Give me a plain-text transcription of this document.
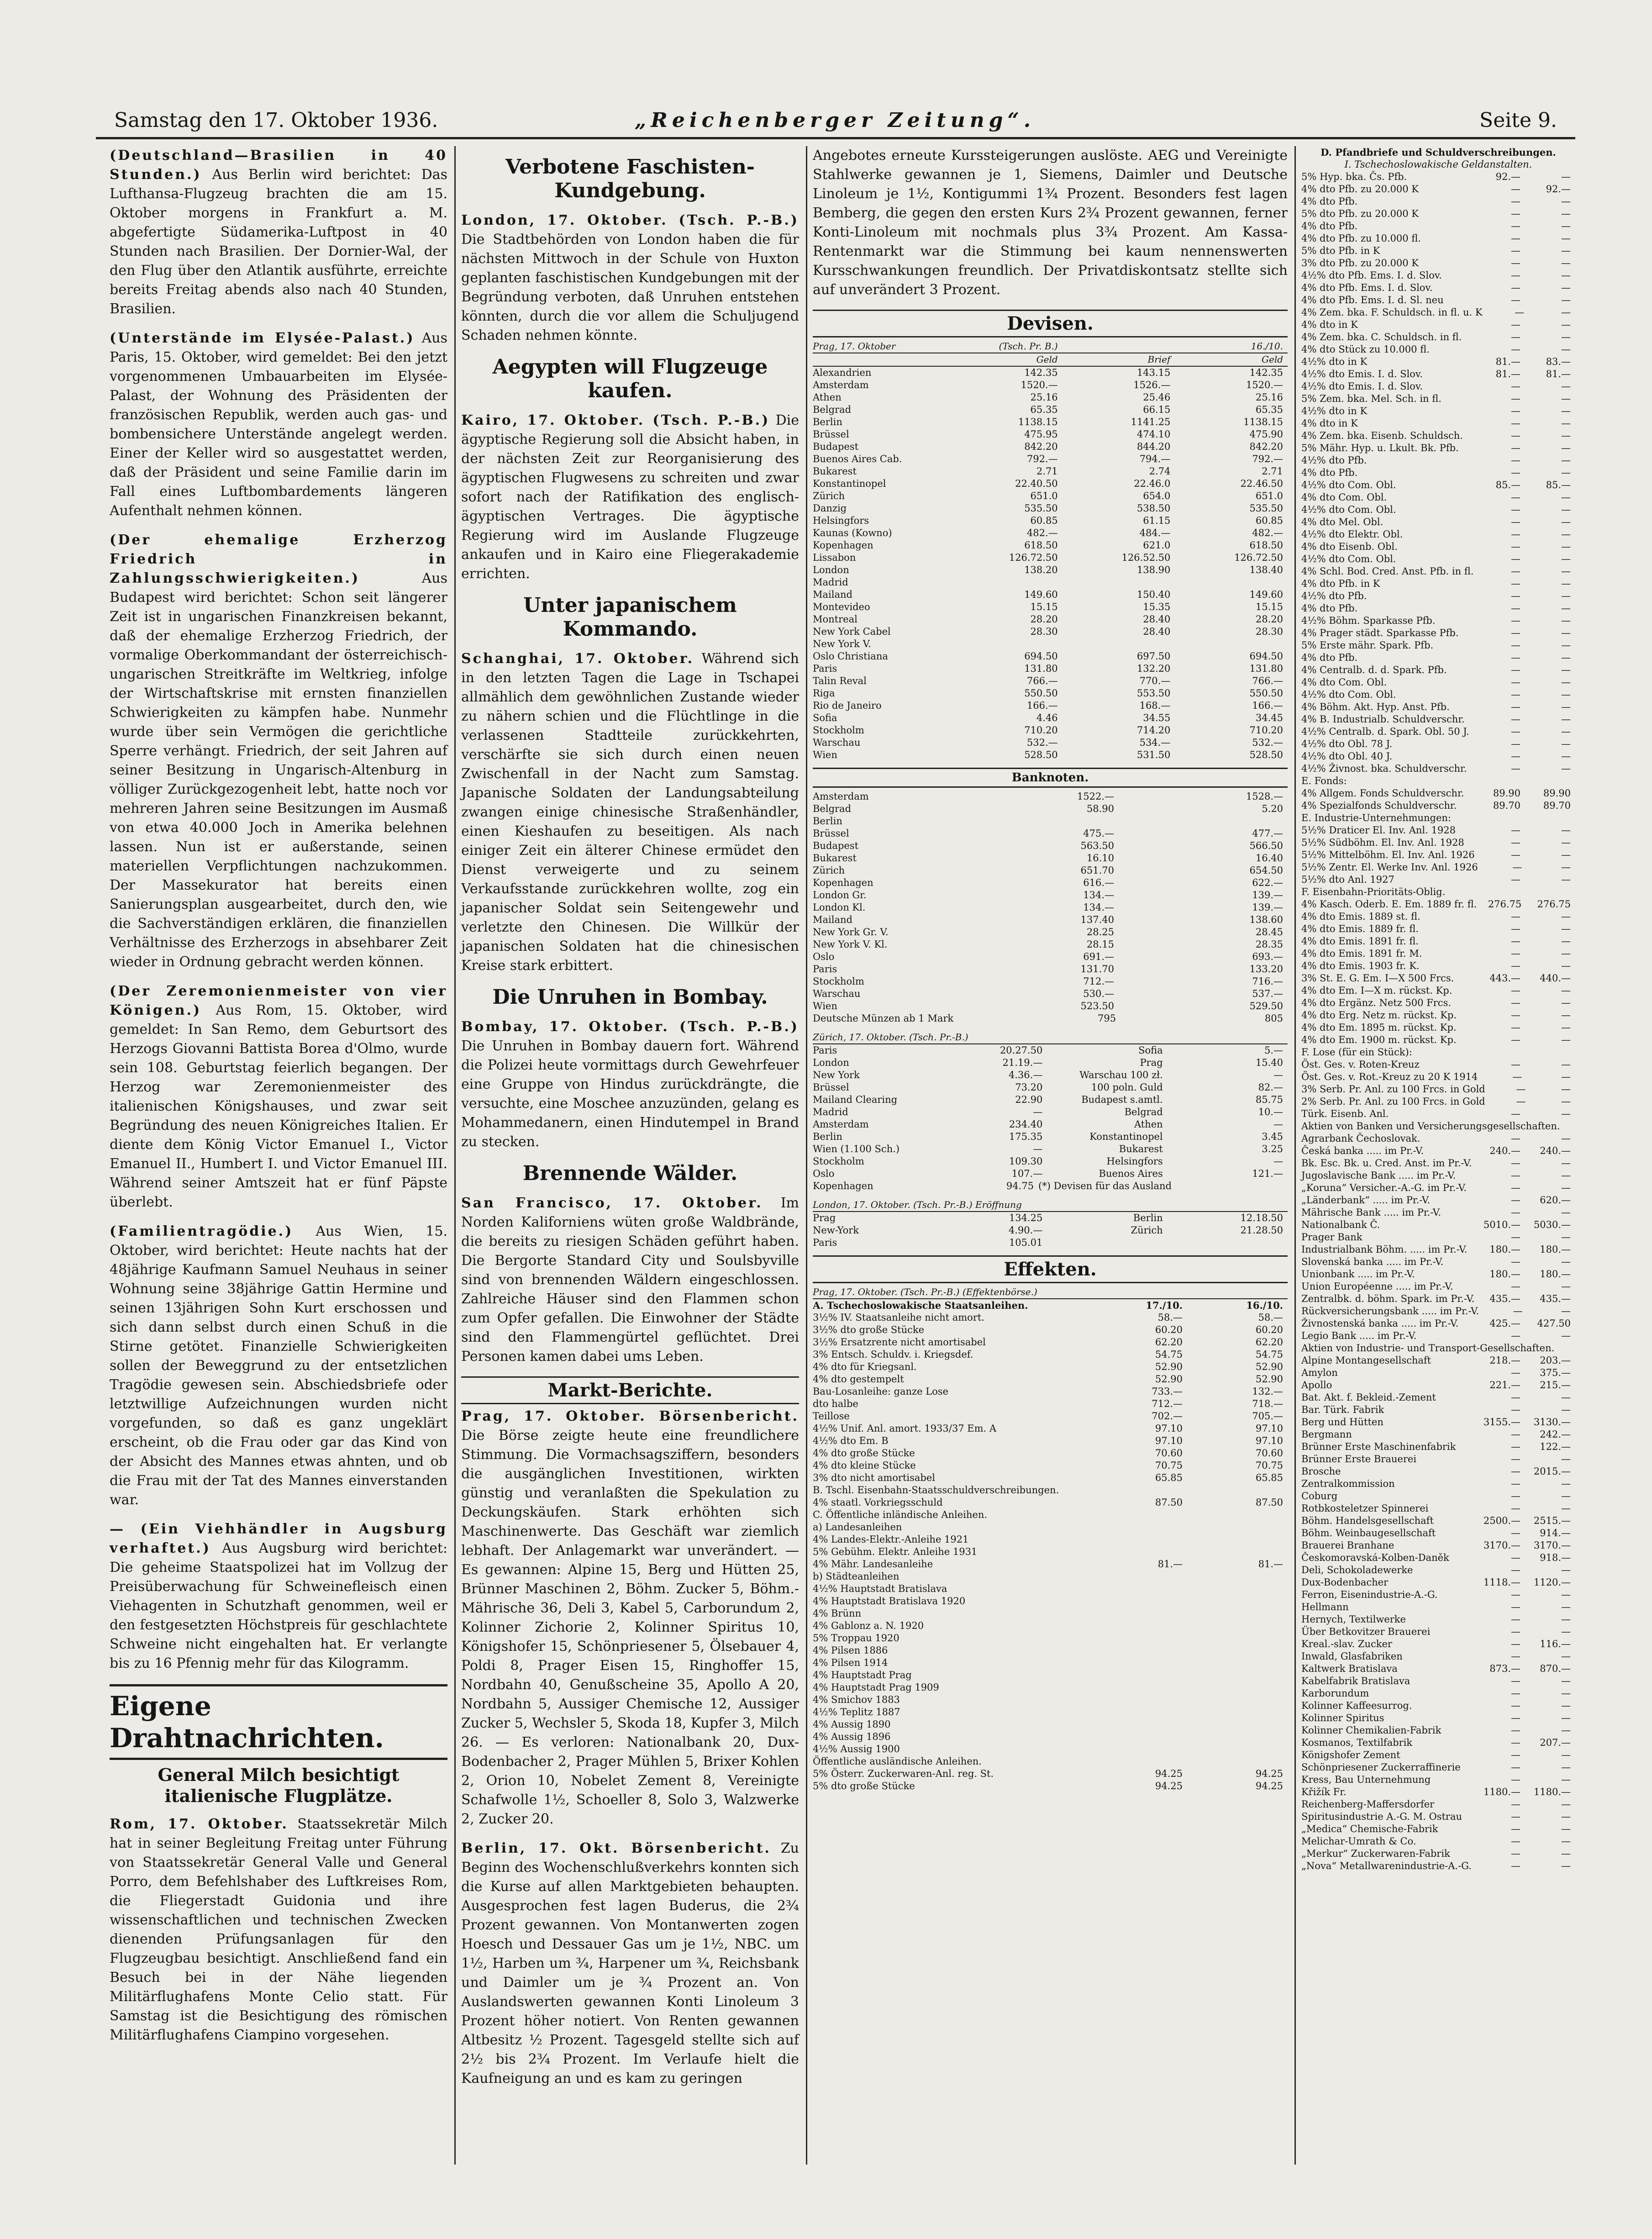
Samstag den 17. Oktober 1936.	„Reichenberger Zeitung“.	Seite 9.

(Deutschland—Brasilien in 40 Stunden.) Aus Berlin wird berichtet: Das Lufthansa-Flugzeug brachten die am 15. Oktober morgens in Frankfurt a. M. abgefertigte Südamerika-Luftpost in 40 Stunden nach Brasilien. Der Dornier-Wal, der den Flug über den Atlantik ausführte, erreichte bereits Freitag abends also nach 40 Stunden, Brasilien.

(Unterstände im Elysée-Palast.) Aus Paris, 15. Oktober, wird gemeldet: Bei den jetzt vorgenommenen Umbauarbeiten im Elysée-Palast, der Wohnung des Präsidenten der französischen Republik, werden auch gas- und bombensichere Unterstände angelegt werden. Einer der Keller wird so ausgestattet werden, daß der Präsident und seine Familie darin im Fall eines Luftbombardements längeren Aufenthalt nehmen können.

(Der ehemalige Erzherzog Friedrich in Zahlungsschwierigkeiten.)	Aus Budapest wird berichtet: Schon seit längerer Zeit ist in ungarischen Finanzkreisen bekannt, daß der ehemalige Erzherzog Friedrich, der vormalige Oberkommandant der österreichisch-ungarischen Streitkräfte im Weltkrieg, infolge der Wirtschaftskrise mit ernsten finanziellen Schwierigkeiten zu kämpfen habe. Nunmehr wurde über sein Vermögen die gerichtliche Sperre verhängt. Friedrich, der seit Jahren auf seiner Besitzung in Ungarisch-Altenburg in völliger Zurückgezogenheit lebt, hatte noch vor mehreren Jahren seine Besitzungen im Ausmaß von etwa 40.000 Joch in Amerika belehnen lassen. Nun ist er außerstande, seinen materiellen Verpflichtungen nachzukommen. Der Massekurator hat bereits einen Sanierungsplan ausgearbeitet, durch den, wie die Sachverständigen erklären, die finanziellen Verhältnisse des Erzherzogs in absehbarer Zeit wieder in Ordnung gebracht werden können.

(Der Zeremonienmeister von vier Königen.) Aus Rom, 15. Oktober, wird gemeldet: In San Remo, dem Geburtsort des Herzogs Giovanni Battista Borea d'Olmo, wurde sein 108. Geburtstag feierlich begangen. Der Herzog war Zeremonienmeister des italienischen Königshauses, und zwar seit Begründung des neuen Königreiches Italien. Er diente dem König Victor Emanuel I., Victor Emanuel II., Humbert I. und Victor Emanuel III. Während seiner Amtszeit hat er fünf Päpste überlebt.

(Familientragödie.) Aus Wien, 15. Oktober, wird berichtet: Heute nachts hat der 48jährige Kaufmann Samuel Neuhaus in seiner Wohnung seine 38jährige Gattin Hermine und seinen 13jährigen Sohn Kurt erschossen und sich dann selbst durch einen Schuß in die Stirne getötet. Finanzielle Schwierigkeiten sollen der Beweggrund zu der entsetzlichen Tragödie gewesen sein. Abschiedsbriefe oder letztwillige Aufzeichnungen wurden nicht vorgefunden, so daß es ganz ungeklärt erscheint, ob die Frau oder gar das Kind von der Absicht des Mannes etwas ahnten, und ob die Frau mit der Tat des Mannes einverstanden war.

— (Ein Viehhändler in Augsburg verhaftet.) Aus Augsburg wird berichtet: Die geheime Staatspolizei hat im Vollzug der Preisüberwachung für Schweinefleisch einen Viehagenten in Schutzhaft genommen, weil er den festgesetzten Höchstpreis für geschlachtete Schweine nicht eingehalten hat. Er verlangte bis zu 16 Pfennig mehr für das Kilogramm.

Eigene Drahtnachrichten.
General Milch besichtigt italienische Flugplätze.

Rom, 17. Oktober. Staatssekretär Milch hat in seiner Begleitung Freitag unter Führung von Staatssekretär General Valle und General Porro, dem Befehlshaber des Luftkreises Rom, die Fliegerstadt Guidonia und ihre wissenschaftlichen und technischen Zwecken dienenden Prüfungsanlagen für den Flugzeugbau besichtigt. Anschließend fand ein Besuch bei in der Nähe liegenden Militärflughafens Monte Celio statt. Für Samstag ist die Besichtigung des römischen Militärflughafens Ciampino vorgesehen.

Verbotene Faschisten-Kundgebung.

London, 17. Oktober. (Tsch. P.-B.) Die Stadtbehörden von London haben die für nächsten Mittwoch in der Schule von Huxton geplanten faschistischen Kundgebungen mit der Begründung verboten, daß Unruhen entstehen könnten, durch die vor allem die Schuljugend Schaden nehmen könnte.

Aegypten will Flugzeuge kaufen.

Kairo, 17. Oktober. (Tsch. P.-B.) Die ägyptische Regierung soll die Absicht haben, in der nächsten Zeit zur Reorganisierung des ägyptischen Flugwesens zu schreiten und zwar sofort nach der Ratifikation des englisch-ägyptischen Vertrages. Die ägyptische Regierung wird im Auslande Flugzeuge ankaufen und in Kairo eine Fliegerakademie errichten.

Unter japanischem Kommando.

Schanghai, 17. Oktober. Während sich in den letzten Tagen die Lage in Tschapei allmählich dem gewöhnlichen Zustande wieder zu nähern schien und die Flüchtlinge in die verlassenen Stadtteile zurückkehrten, verschärfte sie sich durch einen neuen Zwischenfall in der Nacht zum Samstag. Japanische Soldaten der Landungsabteilung zwangen einige chinesische Straßenhändler, einen Kieshaufen zu beseitigen. Als nach einiger Zeit ein älterer Chinese ermüdet den Dienst verweigerte und zu seinem Verkaufsstande zurückkehren wollte, zog ein japanischer Soldat sein Seitengewehr und verletzte den Chinesen. Die Willkür der japanischen Soldaten hat die chinesischen Kreise stark erbittert.

Die Unruhen in Bombay.

Bombay, 17. Oktober. (Tsch. P.-B.) Die Unruhen in Bombay dauern fort. Während die Polizei heute vormittags durch Gewehrfeuer eine Gruppe von Hindus zurückdrängte, die versuchte, eine Moschee anzuzünden, gelang es Mohammedanern, einen Hindutempel in Brand zu stecken.

Brennende Wälder.

San Francisco, 17. Oktober. Im Norden Kaliforniens wüten große Waldbrände, die bereits zu riesigen Schäden geführt haben. Die Bergorte Standard City und Soulsbyville sind von brennenden Wäldern eingeschlossen. Zahlreiche Häuser sind den Flammen schon zum Opfer gefallen. Die Einwohner der Städte sind den Flammengürtel geflüchtet. Drei Personen kamen dabei ums Leben.

Markt-Berichte.

Prag, 17. Oktober. Börsenbericht. Die Börse zeigte heute eine freundlichere Stimmung. Die Vormachsagsziffern, besonders die ausgänglichen Investitionen, wirkten günstig und veranlaßten die Spekulation zu Deckungskäufen. Stark erhöhten sich Maschinenwerte. Das Geschäft war ziemlich lebhaft. Der Anlagemarkt war unverändert. — Es gewannen: Alpine 15, Berg und Hütten 25, Brünner Maschinen 2, Böhm. Zucker 5, Böhm.-Mährische 36, Deli 3, Kabel 5, Carborundum 2, Kolinner Zichorie 2, Kolinner Spiritus 10, Königshofer 15, Schönpriesener 5, Ölsebauer 4, Poldi 8, Prager Eisen 15, Ringhoffer 15, Nordbahn 40, Genußscheine 35, Apollo A 20, Nordbahn 5, Aussiger Chemische 12, Aussiger Zucker 5, Wechsler 5, Skoda 18, Kupfer 3, Milch 26. — Es verloren: Nationalbank 20, Dux-Bodenbacher 2, Prager Mühlen 5, Brixer Kohlen 2, Orion 10, Nobelet Zement 8, Vereinigte Schafwolle 1½, Schoeller 8, Solo 3, Walzwerke 2, Zucker 20.

Berlin, 17. Okt. Börsenbericht. Zu Beginn des Wochenschlußverkehrs konnten sich die Kurse auf allen Marktgebieten behaupten. Ausgesprochen fest lagen Buderus, die 2¾ Prozent gewannen. Von Montanwerten zogen Hoesch und Dessauer Gas um je 1½, NBC. um 1½, Harben um ¾, Harpener um ¾, Reichsbank und Daimler um je ¾ Prozent an. Von Auslandswerten gewannen Konti Linoleum 3 Prozent höher notiert. Von Renten gewannen Altbesitz ½ Prozent. Tagesgeld stellte sich auf 2½ bis 2¾ Prozent. Im Verlaufe hielt die Kaufneigung an und es kam zu geringen

Angebotes erneute Kurssteigerungen auslöste. AEG und Vereinigte Stahlwerke gewannen je 1, Siemens, Daimler und Deutsche Linoleum je 1½, Kontigummi 1¾ Prozent. Besonders fest lagen Bemberg, die gegen den ersten Kurs 2¾ Prozent gewannen, ferner Konti-Linoleum mit nochmals plus 3¾ Prozent. Am Kassa-Rentenmarkt war die Stimmung bei kaum nennenswerten Kursschwankungen freundlich. Der Privatdiskontsatz stellte sich auf unverändert 3 Prozent.

Devisen.
Prag, 17. Oktober	(Tsch. Pr. B.)	16./10.
Geld	Brief	Geld
Alexandrien	142.35	143.15	142.35
Amsterdam	1520.—	1526.—	1520.—
Athen	25.16	25.46	25.16
Belgrad	65.35	66.15	65.35
Berlin	1138.15	1141.25	1138.15
Brüssel	475.95	474.10	475.90
Budapest	842.20	844.20	842.20
Buenos Aires Cab.	792.—	794.—	792.—
Bukarest	2.71	2.74	2.71
Konstantinopel	22.40.50	22.46.0	22.46.50
Zürich	651.0	654.0	651.0
Danzig	535.50	538.50	535.50
Helsingfors	60.85	61.15	60.85
Kaunas (Kowno)	482.—	484.—	482.—
Kopenhagen	618.50	621.0	618.50
Lissabon	126.72.50	126.52.50	126.72.50
London	138.20	138.90	138.40
Madrid
Mailand	149.60	150.40	149.60
Montevideo	15.15	15.35	15.15
Montreal	28.20	28.40	28.20
New York Cabel	28.30	28.40	28.30
New York V.
Oslo Christiana	694.50	697.50	694.50
Paris	131.80	132.20	131.80
Talin Reval	766.—	770.—	766.—
Riga	550.50	553.50	550.50
Rio de Janeiro	166.—	168.—	166.—
Sofia	4.46	34.55	34.45
Stockholm	710.20	714.20	710.20
Warschau	532.—	534.—	532.—
Wien	528.50	531.50	528.50
Banknoten.
Amsterdam	1522.—	1528.—
Belgrad	58.90	5.20
Berlin
Brüssel	475.—	477.—
Budapest	563.50	566.50
Bukarest	16.10	16.40
Zürich	651.70	654.50
Kopenhagen	616.—	622.—
London Gr.	134.—	139.—
London Kl.	134.—	139.—
Mailand	137.40	138.60
New York Gr. V.	28.25	28.45
New York V. Kl.	28.15	28.35
Oslo	691.—	693.—
Paris	131.70	133.20
Stockholm	712.—	716.—
Warschau	530.—	537.—
Wien	523.50	529.50
Deutsche Münzen ab 1 Mark	795	805
Zürich, 17. Oktober. (Tsch. Pr.-B.)
Paris	20.27.50	Sofia	5.—
London	21.19.—	Prag	15.40
New York	4.36.—	Warschau 100 zł.	—
Brüssel	73.20	100 poln. Guld	82.—
Mailand Clearing	22.90	Budapest s.amtl.	85.75
Madrid	—	Belgrad	10.—
Amsterdam	234.40	Athen	—
Berlin	175.35	Konstantinopel	3.45
Wien (1.100 Sch.)	—	Bukarest	3.25
Stockholm	109.30	Helsingfors	—
Oslo	107.—	Buenos Aires	121.—
Kopenhagen	94.75 (*) Devisen für das Ausland
London, 17. Oktober. (Tsch. Pr.-B.) Eröffnung
Prag	134.25	Berlin	12.18.50
New-York	4.90.—	Zürich	21.28.50
Paris	105.01
Effekten.
Prag, 17. Oktober. (Tsch. Pr.-B.) (Effektenbörse.)
A. Tschechoslowakische Staatsanleihen.	17./10.	16./10.
3½% IV. Staatsanleihe nicht amort.	58.—	58.—
3½% dto große Stücke	60.20	60.20
3½% Ersatzrente nicht amortisabel	62.20	62.20
3% Entsch. Schuldv. i. Kriegsdef.	54.75	54.75
4% dto für Kriegsanl.	52.90	52.90
4% dto gestempelt	52.90	52.90
Bau-Losanleihe: ganze Lose	733.—	132.—
dto halbe	712.—	718.—
Teillose	702.—	705.—
4½% Unif. Anl. amort. 1933/37 Em. A	97.10	97.10
4½% dto Em. B	97.10	97.10
4% dto große Stücke	70.60	70.60
4% dto kleine Stücke	70.75	70.75
3% dto nicht amortisabel	65.85	65.85
B. Tschl. Eisenbahn-Staatsschuldverschreibungen.
4% staatl. Vorkriegsschuld	87.50	87.50
C. Öffentliche inländische Anleihen.
a) Landesanleihen
4% Landes-Elektr.-Anleihe 1921
5% Gebühm. Elektr. Anleihe 1931
4% Mähr. Landesanleihe	81.—	81.—
b) Städteanleihen
4½% Hauptstadt Bratislava
4% Hauptstadt Bratislava 1920
4% Brünn
4% Gablonz a. N. 1920
5% Troppau 1920
4% Pilsen 1886
4% Pilsen 1914
4% Hauptstadt Prag
4% Hauptstadt Prag 1909
4% Smichov 1883
4½% Teplitz 1887
4% Aussig 1890
4% Aussig 1896
4½% Aussig 1900
Öffentliche ausländische Anleihen.
5% Österr. Zuckerwaren-Anl. reg. St.	94.25	94.25
5% dto große Stücke	94.25	94.25
D. Pfandbriefe und Schuldverschreibungen.
I. Tschechoslowakische Geldanstalten.
5% Hyp. bka. Čs. Pfb.	92.—	—
4% dto Pfb. zu 20.000 K	—	92.—
4% dto Pfb.	—	—
5% dto Pfb. zu 20.000 K	—	—
4% dto Pfb.	—	—
4% dto Pfb. zu 10.000 fl.	—	—
5% dto Pfb. in K	—	—
3% dto Pfb. zu 20.000 K	—	—
4½% dto Pfb. Ems. I. d. Slov.	—	—
4% dto Pfb. Ems. I. d. Slov.	—	—
4% dto Pfb. Ems. I. d. Sl. neu	—	—
4% Zem. bka. F. Schuldsch. in fl. u. K	—	—
4% dto in K	—	—
4% Zem. bka. C. Schuldsch. in fl.	—	—
4% dto Stück zu 10.000 fl.	—	—
4½% dto in K	81.—	83.—
4½% dto Emis. I. d. Slov.	81.—	81.—
4½% dto Emis. I. d. Slov.	—	—
5% Zem. bka. Mel. Sch. in fl.	—	—
4½% dto in K	—	—
4% dto in K	—	—
4% Zem. bka. Eisenb. Schuldsch.	—	—
5% Mähr. Hyp. u. Lkult. Bk. Pfb.	—	—
4½% dto Pfb.	—	—
4% dto Pfb.	—	—
4½% dto Com. Obl.	85.—	85.—
4% dto Com. Obl.	—	—
4½% dto Com. Obl.	—	—
4% dto Mel. Obl.	—	—
4½% dto Elektr. Obl.	—	—
4% dto Eisenb. Obl.	—	—
4½% dto Com. Obl.	—	—
4% Schl. Bod. Cred. Anst. Pfb. in fl.	—	—
4% dto Pfb. in K	—	—
4½% dto Pfb.	—	—
4% dto Pfb.	—	—
4½% Böhm. Sparkasse Pfb.	—	—
4% Prager städt. Sparkasse Pfb.	—	—
5% Erste mähr. Spark. Pfb.	—	—
4% dto Pfb.	—	—
4% Centralb. d. d. Spark. Pfb.	—	—
4% dto Com. Obl.	—	—
4½% dto Com. Obl.	—	—
4% Böhm. Akt. Hyp. Anst. Pfb.	—	—
4% B. Industrialb. Schuldverschr.	—	—
4½% Centralb. d. Spark. Obl. 50 J.	—	—
4½% dto Obl. 78 J.	—	—
4½% dto Obl. 40 J.	—	—
4½% Živnost. bka. Schuldverschr.	—	—
E. Fonds:
4% Allgem. Fonds Schuldverschr.	89.90	89.90
4% Spezialfonds Schuldverschr.	89.70	89.70
E. Industrie-Unternehmungen:
5½% Draticer El. Inv. Anl. 1928	—	—
5½% Südböhm. El. Inv. Anl. 1928	—	—
5½% Mittelböhm. El. Inv. Anl. 1926	—	—
5½% Zentr. El. Werke Inv. Anl. 1926	—	—
5½% dto Anl. 1927	—	—
F. Eisenbahn-Prioritäts-Oblig.
4% Kasch. Oderb. E. Em. 1889 fr. fl.	276.75	276.75
4% dto Emis. 1889 st. fl.	—	—
4% dto Emis. 1889 fr. fl.	—	—
4% dto Emis. 1891 fr. fl.	—	—
4% dto Emis. 1891 fr. M.	—	—
4% dto Emis. 1903 fr. K.	—	—
3% St. E. G. Em. I—X 500 Frcs.	443.—	440.—
4% dto Em. I—X m. rückst. Kp.	—	—
4% dto Ergänz. Netz 500 Frcs.	—	—
4% dto Erg. Netz m. rückst. Kp.	—	—
4% dto Em. 1895 m. rückst. Kp.	—	—
4% dto Em. 1900 m. rückst. Kp.	—	—
F. Lose (für ein Stück):
Öst. Ges. v. Roten-Kreuz	—	—
Öst. Ges. v. Rot.-Kreuz zu 20 K 1914	—	—
3% Serb. Pr. Anl. zu 100 Frcs. in Gold	—	—
2% Serb. Pr. Anl. zu 100 Frcs. in Gold	—	—
Türk. Eisenb. Anl.	—	—
Aktien von Banken und Versicherungsgesellschaften.
Agrarbank Čechoslovak.	—	—
Česká banka ..... im Pr.-V.	240.—	240.—
Bk. Esc. Bk. u. Cred. Anst. im Pr.-V.	—	—
Jugoslavische Bank ..... im Pr.-V.	—	—
„Koruna“ Versicher.-A.-G. im Pr.-V.	—	—
„Länderbank“ ..... im Pr.-V.	—	620.—
Mährische Bank ..... im Pr.-V.	—	—
Nationalbank Č.	5010.—	5030.—
Prager Bank	—	—
Industrialbank Böhm. ..... im Pr.-V.	180.—	180.—
Slovenská banka ..... im Pr.-V.	—	—
Unionbank ..... im Pr.-V.	180.—	180.—
Union Européenne ..... im Pr.-V.	—	—
Zentralbk. d. böhm. Spark. im Pr.-V.	435.—	435.—
Rückversicherungsbank ..... im Pr.-V.	—	—
Živnostenská banka ..... im Pr.-V.	425.—	427.50
Legio Bank ..... im Pr.-V.	—	—
Aktien von Industrie- und Transport-Gesellschaften.
Alpine Montangesellschaft	218.—	203.—
Amylon	—	375.—
Apollo	221.—	215.—
Bat. Akt. f. Bekleid.-Zement	—	—
Bar. Türk. Fabrik	—	—
Berg und Hütten	3155.—	3130.—
Bergmann	—	242.—
Brünner Erste Maschinenfabrik	—	122.—
Brünner Erste Brauerei	—	—
Brosche	—	2015.—
Zentralkommission	—	—
Coburg	—	—
Rotbkosteletzer Spinnerei	—	—
Böhm. Handelsgesellschaft	2500.—	2515.—
Böhm. Weinbaugesellschaft	—	914.—
Brauerei Branhane	3170.—	3170.—
Českomoravská-Kolben-Daněk	—	918.—
Deli, Schokoladewerke	—	—
Dux-Bodenbacher	1118.—	1120.—
Ferron, Eisenindustrie-A.-G.	—	—
Hellmann	—	—
Hernych, Textilwerke	—	—
Über Betkovitzer Brauerei	—	—
Kreal.-slav. Zucker	—	116.—
Inwald, Glasfabriken	—	—
Kaltwerk Bratislava	873.—	870.—
Kabelfabrik Bratislava	—	—
Karborundum	—	—
Kolinner Kaffeesurrog.	—	—
Kolinner Spiritus	—	—
Kolinner Chemikalien-Fabrik	—	—
Kosmanos, Textilfabrik	—	207.—
Königshofer Zement	—	—
Schönpriesener Zuckerraffinerie	—	—
Kress, Bau Unternehmung	—	—
Křižík Fr.	1180.—	1180.—
Reichenberg-Maffersdorfer	—	—
Spiritusindustrie A.-G. M. Ostrau	—	—
„Medica“ Chemische-Fabrik	—	—
Melichar-Umrath & Co.	—	—
„Merkur“ Zuckerwaren-Fabrik	—	—
„Nova“ Metallwarenindustrie-A.-G.	—	—
